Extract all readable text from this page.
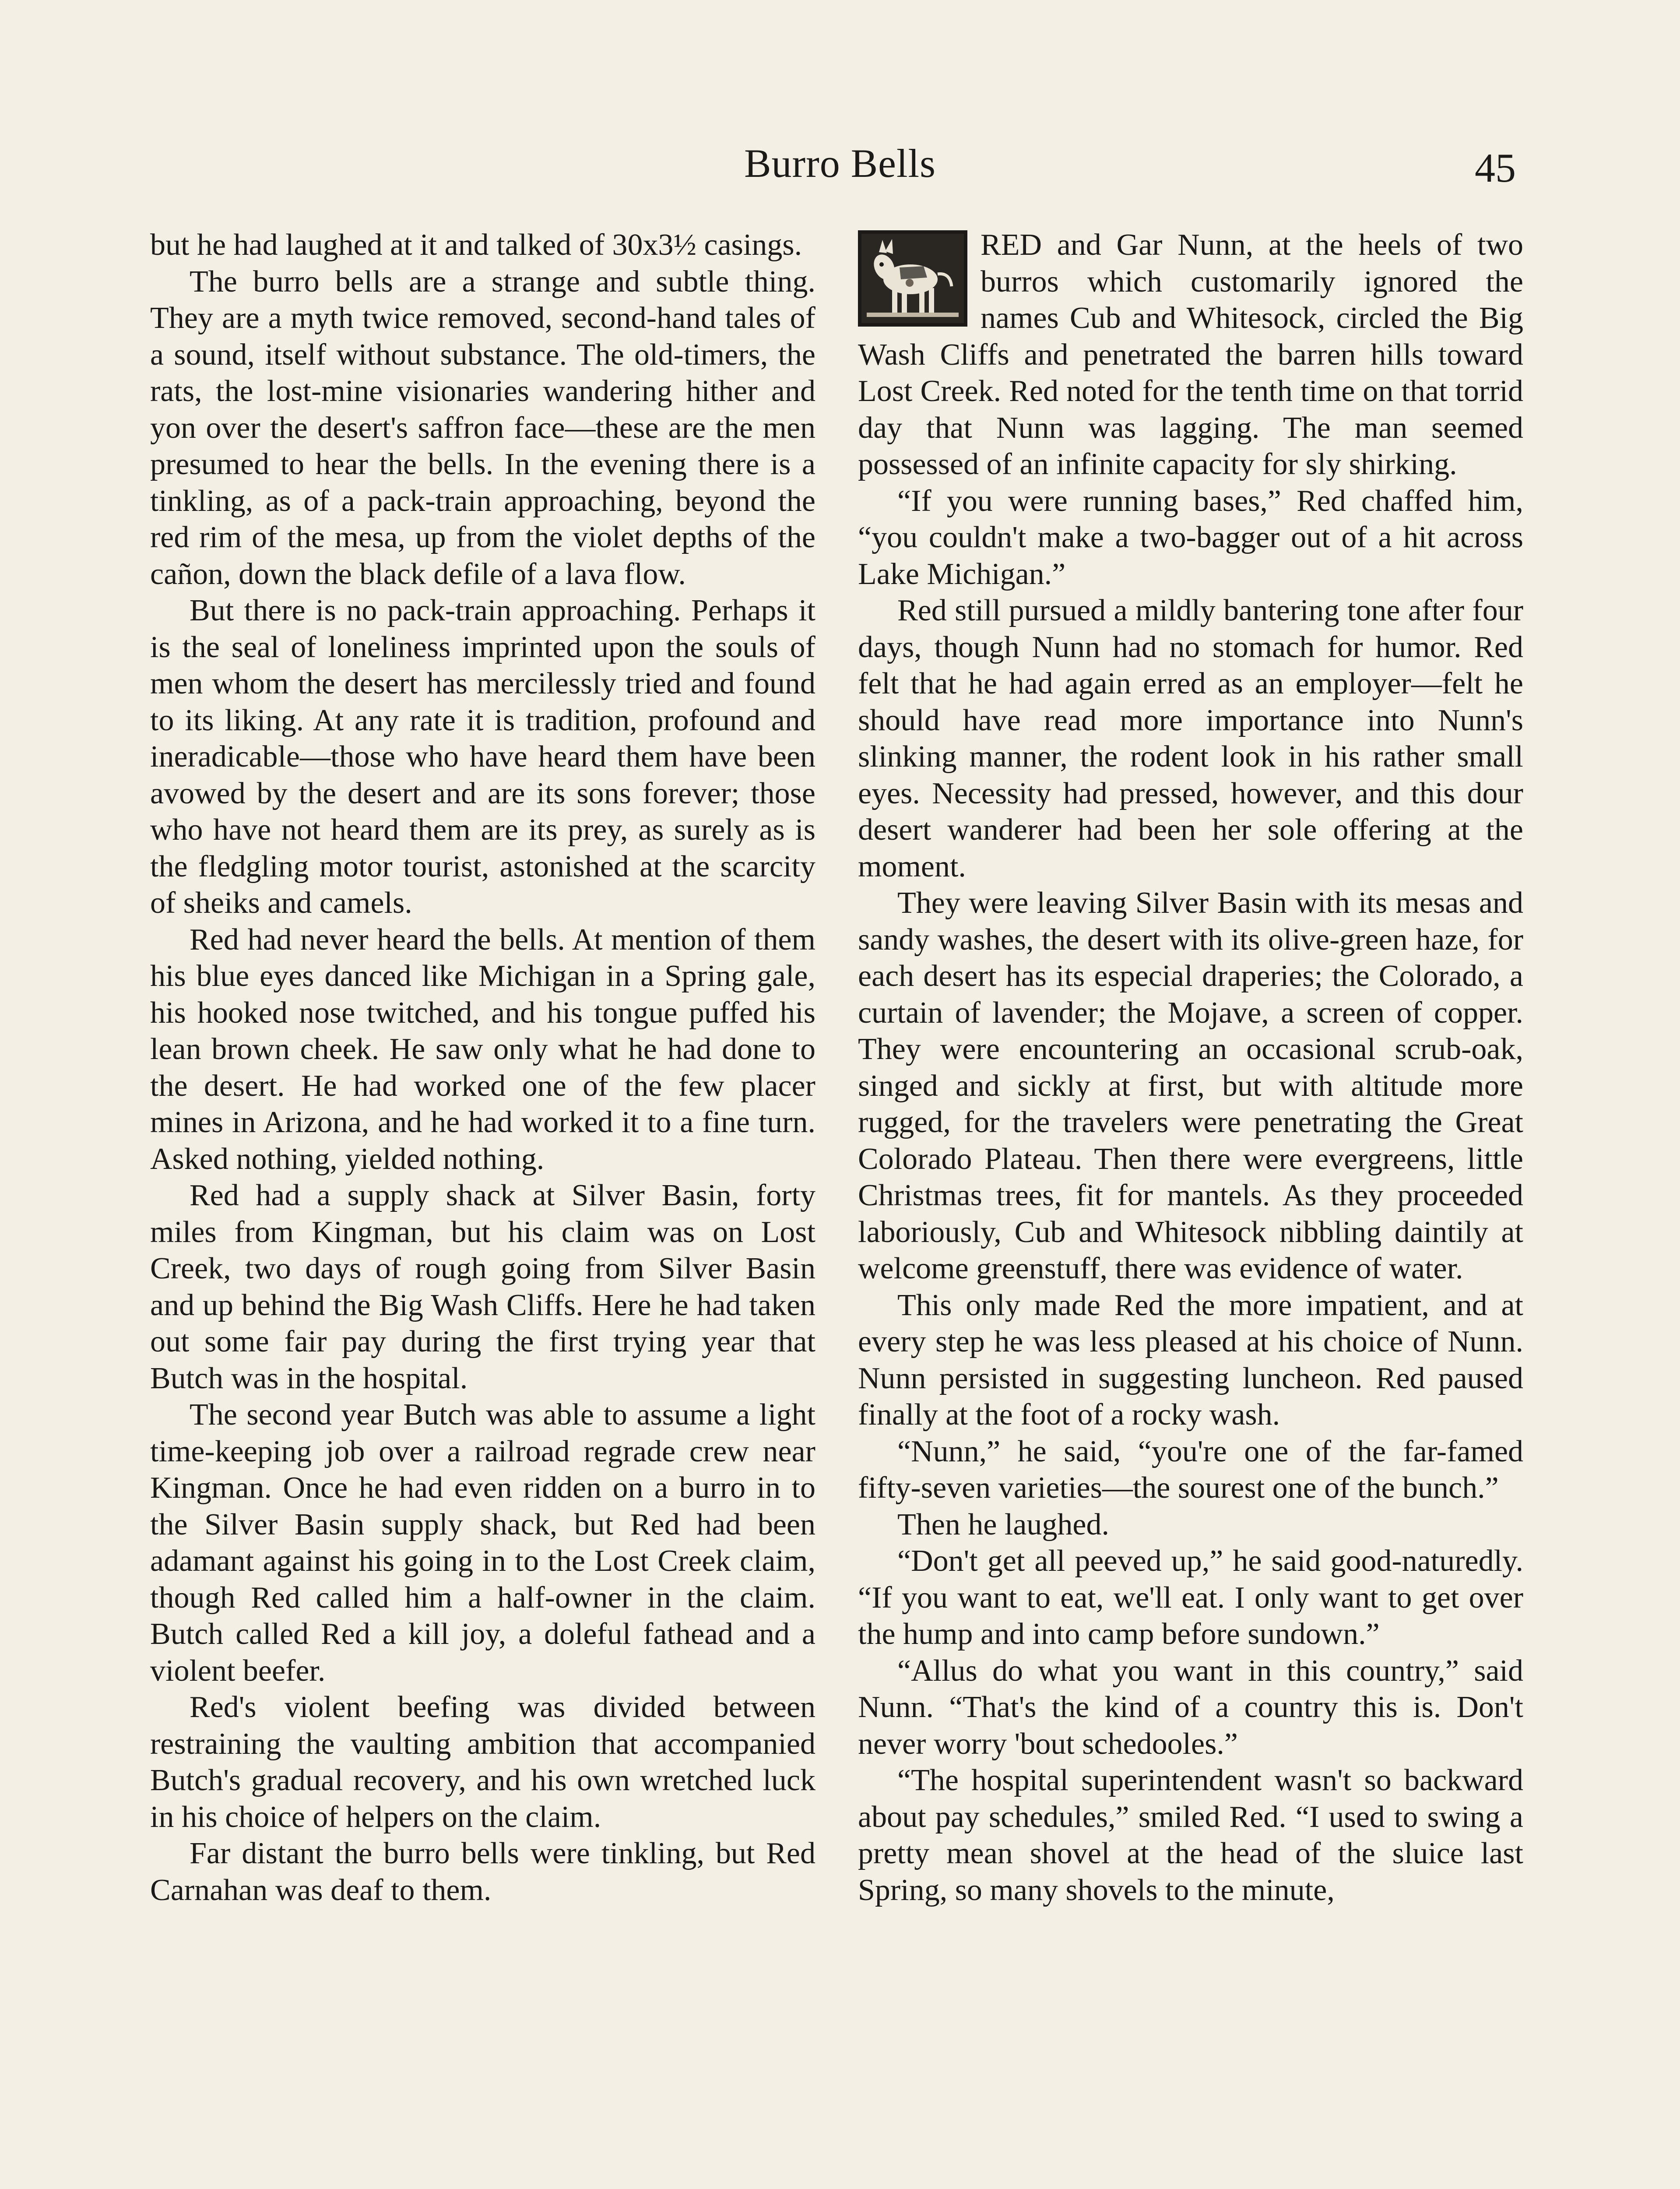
Burro Bells	45

but he had laughed at it and talked of 30x3½ casings.

The burro bells are a strange and subtle thing. They are a myth twice removed, second-hand tales of a sound, itself without substance. The old-timers, the rats, the lost-mine visionaries wandering hither and yon over the desert's saffron face—these are the men presumed to hear the bells. In the evening there is a tinkling, as of a pack-train approaching, beyond the red rim of the mesa, up from the violet depths of the cañon, down the black defile of a lava flow.

But there is no pack-train approaching. Perhaps it is the seal of loneliness imprinted upon the souls of men whom the desert has mercilessly tried and found to its liking. At any rate it is tradition, profound and ineradicable—those who have heard them have been avowed by the desert and are its sons forever; those who have not heard them are its prey, as surely as is the fledgling motor tourist, astonished at the scarcity of sheiks and camels.

Red had never heard the bells. At mention of them his blue eyes danced like Michigan in a Spring gale, his hooked nose twitched, and his tongue puffed his lean brown cheek. He saw only what he had done to the desert. He had worked one of the few placer mines in Arizona, and he had worked it to a fine turn. Asked nothing, yielded nothing.

Red had a supply shack at Silver Basin, forty miles from Kingman, but his claim was on Lost Creek, two days of rough going from Silver Basin and up behind the Big Wash Cliffs. Here he had taken out some fair pay during the first trying year that Butch was in the hospital.

The second year Butch was able to assume a light time-keeping job over a railroad regrade crew near Kingman. Once he had even ridden on a burro in to the Silver Basin supply shack, but Red had been adamant against his going in to the Lost Creek claim, though Red called him a half-owner in the claim. Butch called Red a kill joy, a doleful fathead and a violent beefer.

Red's violent beefing was divided between restraining the vaulting ambition that accompanied Butch's gradual recovery, and his own wretched luck in his choice of helpers on the claim.

Far distant the burro bells were tinkling, but Red Carnahan was deaf to them.

RED and Gar Nunn, at the heels of two burros which customarily ignored the names Cub and Whitesock, circled the Big Wash Cliffs and penetrated the barren hills toward Lost Creek. Red noted for the tenth time on that torrid day that Nunn was lagging. The man seemed possessed of an infinite capacity for sly shirking.

“If you were running bases,” Red chaffed him, “you couldn't make a two-bagger out of a hit across Lake Michigan.”

Red still pursued a mildly bantering tone after four days, though Nunn had no stomach for humor. Red felt that he had again erred as an employer—felt he should have read more importance into Nunn's slinking manner, the rodent look in his rather small eyes. Necessity had pressed, however, and this dour desert wanderer had been her sole offering at the moment.

They were leaving Silver Basin with its mesas and sandy washes, the desert with its olive-green haze, for each desert has its especial draperies; the Colorado, a curtain of lavender; the Mojave, a screen of copper. They were encountering an occasional scrub-oak, singed and sickly at first, but with altitude more rugged, for the travelers were penetrating the Great Colorado Plateau. Then there were evergreens, little Christmas trees, fit for mantels. As they proceeded laboriously, Cub and Whitesock nibbling daintily at welcome greenstuff, there was evidence of water.

This only made Red the more impatient, and at every step he was less pleased at his choice of Nunn. Nunn persisted in suggesting luncheon. Red paused finally at the foot of a rocky wash.

“Nunn,” he said, “you're one of the far-famed fifty-seven varieties—the sourest one of the bunch.”

Then he laughed.

“Don't get all peeved up,” he said good-naturedly. “If you want to eat, we'll eat. I only want to get over the hump and into camp before sundown.”

“Allus do what you want in this country,” said Nunn. “That's the kind of a country this is. Don't never worry 'bout schedooles.”

“The hospital superintendent wasn't so backward about pay schedules,” smiled Red. “I used to swing a pretty mean shovel at the head of the sluice last Spring, so many shovels to the minute,
